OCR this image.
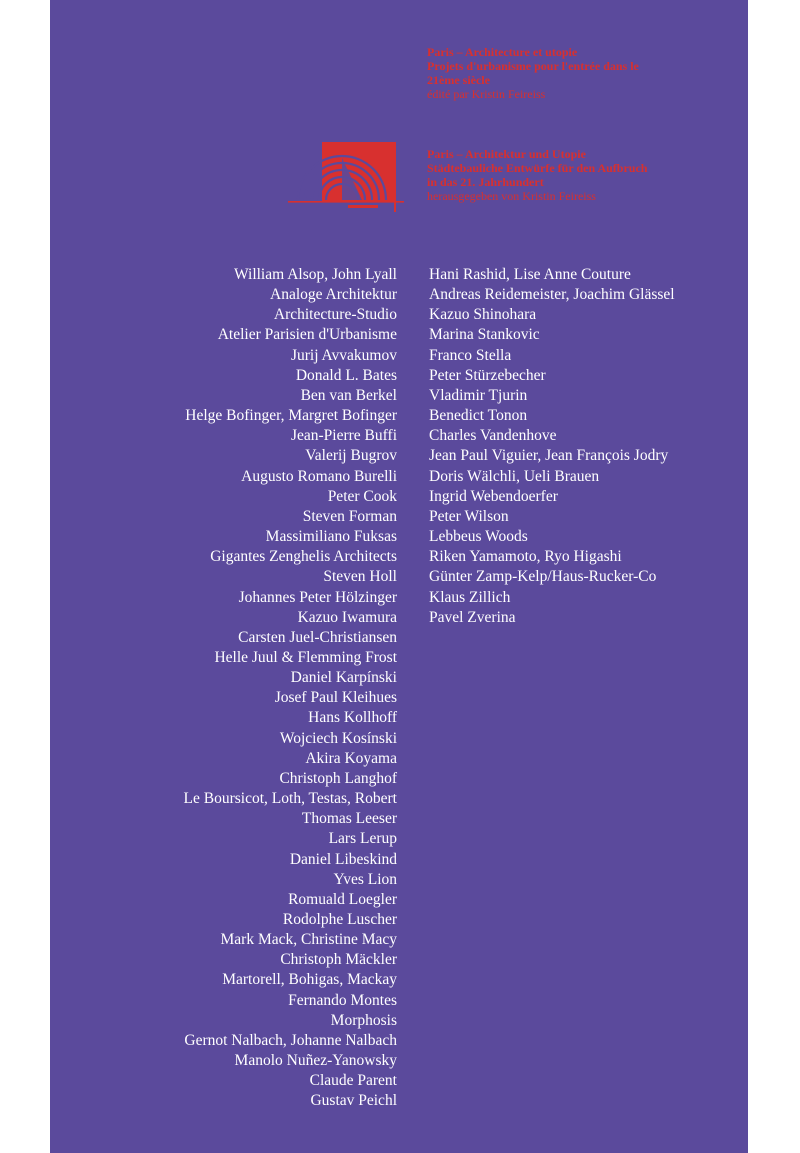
Paris – Architecture et utopie
Projets d'urbanisme pour l'entrée dans le
21ème siècle
édité par Kristin Feireiss
Paris – Architektur und Utopie
Städtebauliche Entwürfe für den Aufbruch
in das 21. Jahrhundert
herausgegeben von Kristin Feireiss
William Alsop, John Lyall
Analoge Architektur
Architecture-Studio
Atelier Parisien d'Urbanisme
Jurij Avvakumov
Donald L. Bates
Ben van Berkel
Helge Bofinger, Margret Bofinger
Jean-Pierre Buffi
Valerij Bugrov
Augusto Romano Burelli
Peter Cook
Steven Forman
Massimiliano Fuksas
Gigantes Zenghelis Architects
Steven Holl
Johannes Peter Hölzinger
Kazuo Iwamura
Carsten Juel-Christiansen
Helle Juul & Flemming Frost
Daniel Karpínski
Josef Paul Kleihues
Hans Kollhoff
Wojciech Kosínski
Akira Koyama
Christoph Langhof
Le Boursicot, Loth, Testas, Robert
Thomas Leeser
Lars Lerup
Daniel Libeskind
Yves Lion
Romuald Loegler
Rodolphe Luscher
Mark Mack, Christine Macy
Christoph Mäckler
Martorell, Bohigas, Mackay
Fernando Montes
Morphosis
Gernot Nalbach, Johanne Nalbach
Manolo Nuñez-Yanowsky
Claude Parent
Gustav Peichl
Hani Rashid, Lise Anne Couture
Andreas Reidemeister, Joachim Glässel
Kazuo Shinohara
Marina Stankovic
Franco Stella
Peter Stürzebecher
Vladimir Tjurin
Benedict Tonon
Charles Vandenhove
Jean Paul Viguier, Jean François Jodry
Doris Wälchli, Ueli Brauen
Ingrid Webendoerfer
Peter Wilson
Lebbeus Woods
Riken Yamamoto, Ryo Higashi
Günter Zamp-Kelp/Haus-Rucker-Co
Klaus Zillich
Pavel Zverina
